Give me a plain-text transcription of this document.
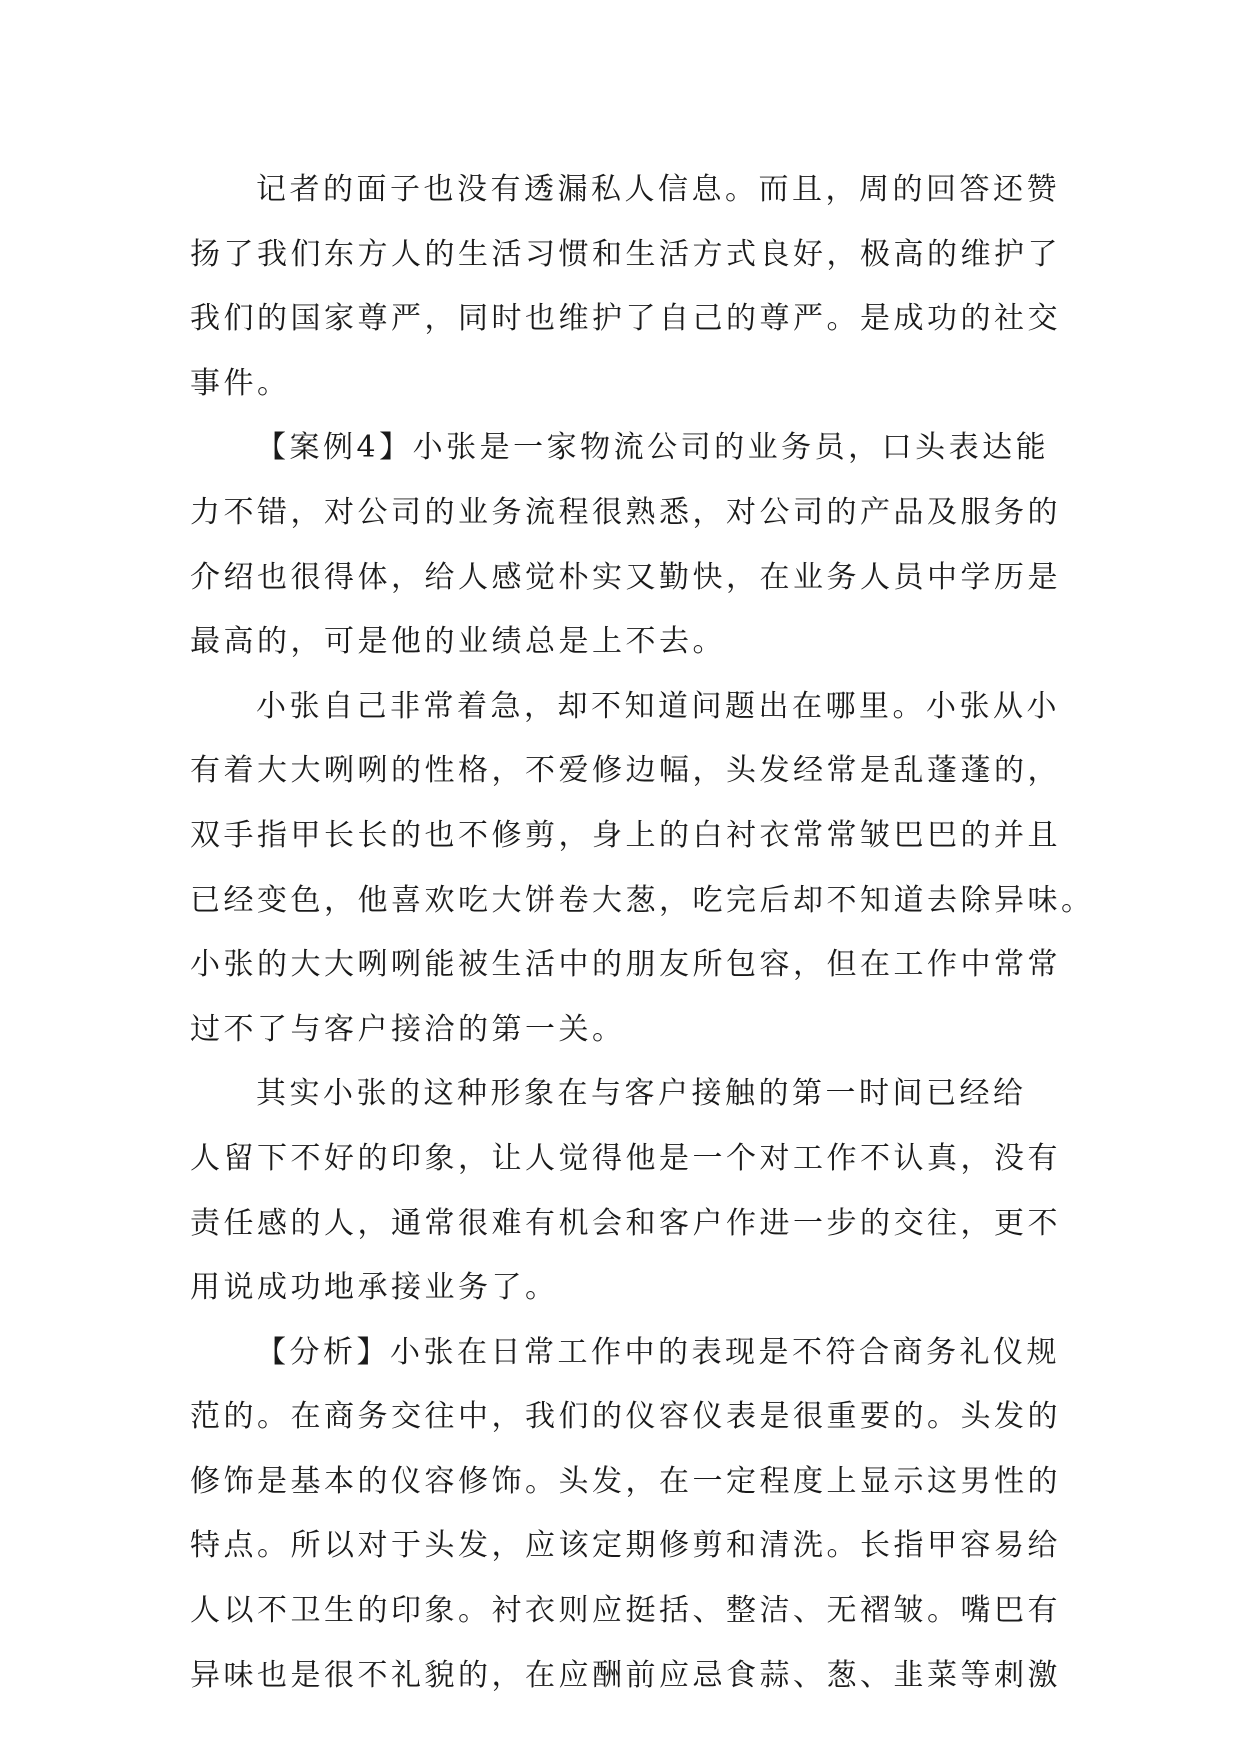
记者的面子也没有透漏私人信息。而且，周的回答还赞
扬了我们东方人的生活习惯和生活方式良好，极高的维护了
我们的国家尊严，同时也维护了自己的尊严。是成功的社交
事件。
【案例4】小张是一家物流公司的业务员，口头表达能
力不错，对公司的业务流程很熟悉，对公司的产品及服务的
介绍也很得体，给人感觉朴实又勤快，在业务人员中学历是
最高的，可是他的业绩总是上不去。
小张自己非常着急，却不知道问题出在哪里。小张从小
有着大大咧咧的性格，不爱修边幅，头发经常是乱蓬蓬的，
双手指甲长长的也不修剪，身上的白衬衣常常皱巴巴的并且
已经变色，他喜欢吃大饼卷大葱，吃完后却不知道去除异味。
小张的大大咧咧能被生活中的朋友所包容，但在工作中常常
过不了与客户接洽的第一关。
其实小张的这种形象在与客户接触的第一时间已经给
人留下不好的印象，让人觉得他是一个对工作不认真，没有
责任感的人，通常很难有机会和客户作进一步的交往，更不
用说成功地承接业务了。
【分析】小张在日常工作中的表现是不符合商务礼仪规
范的。在商务交往中，我们的仪容仪表是很重要的。头发的
修饰是基本的仪容修饰。头发，在一定程度上显示这男性的
特点。所以对于头发，应该定期修剪和清洗。长指甲容易给
人以不卫生的印象。衬衣则应挺括、整洁、无褶皱。嘴巴有
异味也是很不礼貌的，在应酬前应忌食蒜、葱、韭菜等刺激
